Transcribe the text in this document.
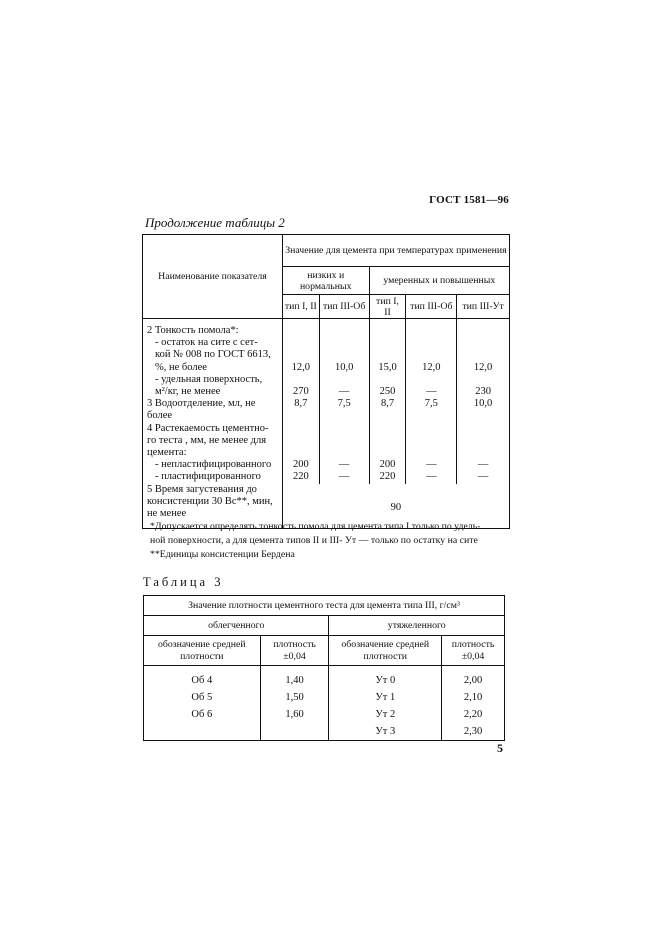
ГОСТ 1581—96
Продолжение таблицы 2
Наименование показателя	Значение для цемента при температурах применения				
	низких и нормальных		умеренных и повышенных		
	тип I, II	тип III-Об	тип I, II	тип III-Об	тип III-Ут
2 Тонкость помола*:					
- остаток на сите с сет-					
кой № 008 по ГОСТ 6613,					
%, не более	12,0	10,0	15,0	12,0	12,0
- удельная поверхность,					
м²/кг, не менее	270	—	250	—	230
3 Водоотделение, мл, не более	8,7	7,5	8,7	7,5	10,0
4 Растекаемость цементно-					
го теста , мм, не менее для					
цемента:					
- непластифицированного	200	—	200	—	—
- пластифицированного	220	—	220	—	—
5 Время загустевания до	90				
консистенции 30 Вс**, мин,					
не менее					
*Допускается определять тонкость помола для цемента типа I только по удель-
ной поверхности, а для цемента типов II и III- Ут — только по остатку на сите
**Единицы консистенции Бердена
Таблица 3
Значение плотности цементного теста для цемента типа III, г/см³			
облегченного		утяжеленного	
обозначение средней плотности	плотность ±0,04	обозначение средней плотности	плотность ±0,04
Об 4	1,40	Ут 0	2,00
Об 5	1,50	Ут 1	2,10
Об 6	1,60	Ут 2	2,20
		Ут 3	2,30
5
